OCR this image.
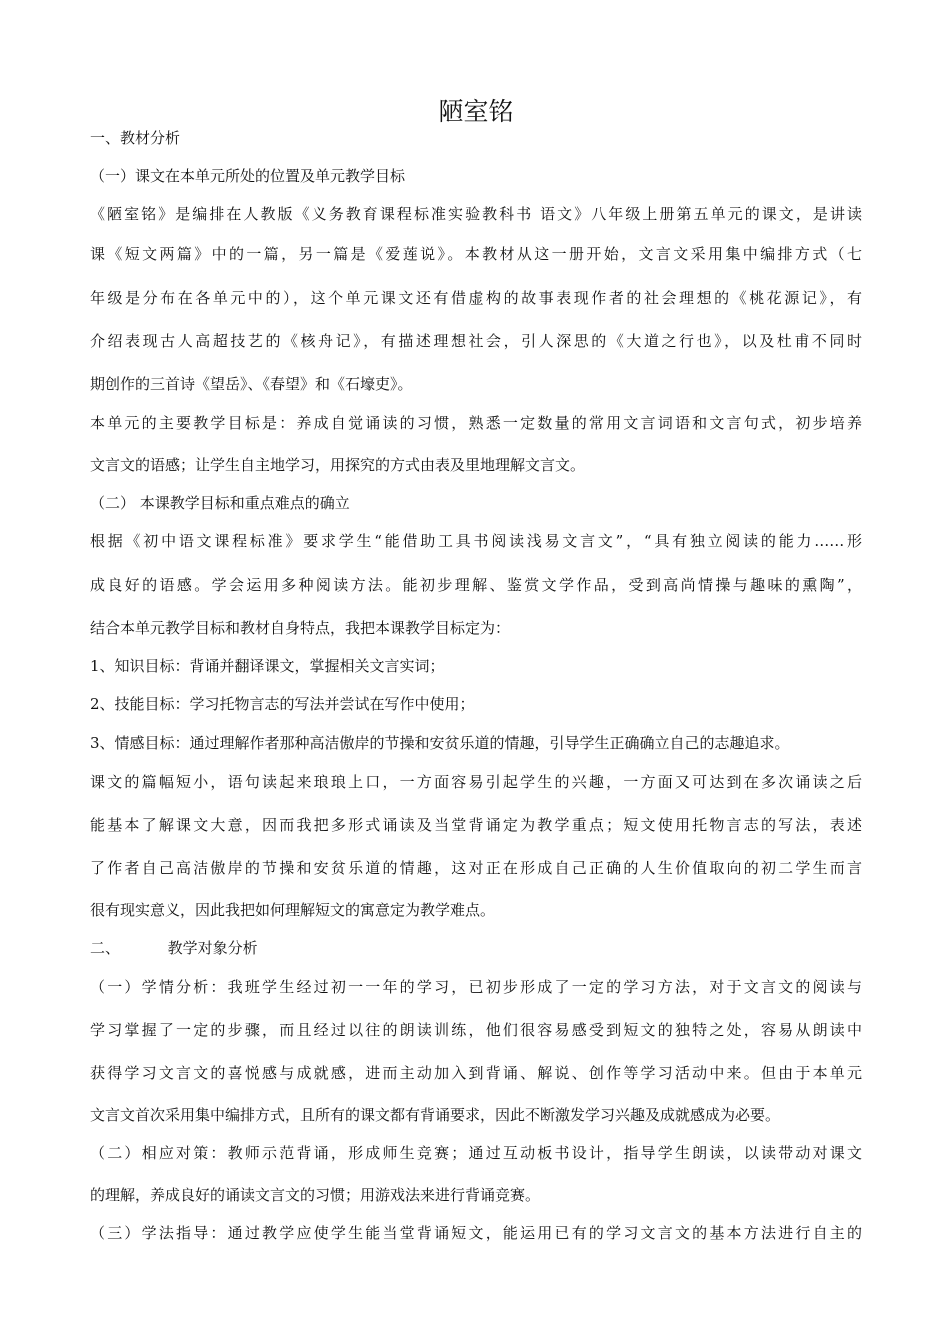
陋室铭
一、教材分析
（一）课文在本单元所处的位置及单元教学目标
《陋室铭》是编排在人教版《义务教育课程标准实验教科书 语文》八年级上册第五单元的课文，是讲读
课《短文两篇》中的一篇，另一篇是《爱莲说》。本教材从这一册开始，文言文采用集中编排方式（七
年级是分布在各单元中的），这个单元课文还有借虚构的故事表现作者的社会理想的《桃花源记》，有
介绍表现古人高超技艺的《核舟记》，有描述理想社会，引人深思的《大道之行也》，以及杜甫不同时
期创作的三首诗《望岳》、《春望》和《石壕吏》。
本单元的主要教学目标是：养成自觉诵读的习惯，熟悉一定数量的常用文言词语和文言句式，初步培养
文言文的语感；让学生自主地学习，用探究的方式由表及里地理解文言文。
（二） 本课教学目标和重点难点的确立
根据《初中语文课程标准》要求学生“能借助工具书阅读浅易文言文”，“具有独立阅读的能力……形
成良好的语感。学会运用多种阅读方法。能初步理解、鉴赏文学作品，受到高尚情操与趣味的熏陶”，
结合本单元教学目标和教材自身特点，我把本课教学目标定为：
1、知识目标：背诵并翻译课文，掌握相关文言实词；
2、技能目标：学习托物言志的写法并尝试在写作中使用；
3、情感目标：通过理解作者那种高洁傲岸的节操和安贫乐道的情趣，引导学生正确确立自己的志趣追求。
课文的篇幅短小，语句读起来琅琅上口，一方面容易引起学生的兴趣，一方面又可达到在多次诵读之后
能基本了解课文大意，因而我把多形式诵读及当堂背诵定为教学重点；短文使用托物言志的写法，表述
了作者自己高洁傲岸的节操和安贫乐道的情趣，这对正在形成自己正确的人生价值取向的初二学生而言
很有现实意义，因此我把如何理解短文的寓意定为教学难点。
二、          教学对象分析
（一）学情分析：我班学生经过初一一年的学习，已初步形成了一定的学习方法，对于文言文的阅读与
学习掌握了一定的步骤，而且经过以往的朗读训练，他们很容易感受到短文的独特之处，容易从朗读中
获得学习文言文的喜悦感与成就感，进而主动加入到背诵、解说、创作等学习活动中来。但由于本单元
文言文首次采用集中编排方式，且所有的课文都有背诵要求，因此不断激发学习兴趣及成就感成为必要。
（二）相应对策：教师示范背诵，形成师生竞赛；通过互动板书设计，指导学生朗读，以读带动对课文
的理解，养成良好的诵读文言文的习惯；用游戏法来进行背诵竞赛。
（三）学法指导：通过教学应使学生能当堂背诵短文，能运用已有的学习文言文的基本方法进行自主的
